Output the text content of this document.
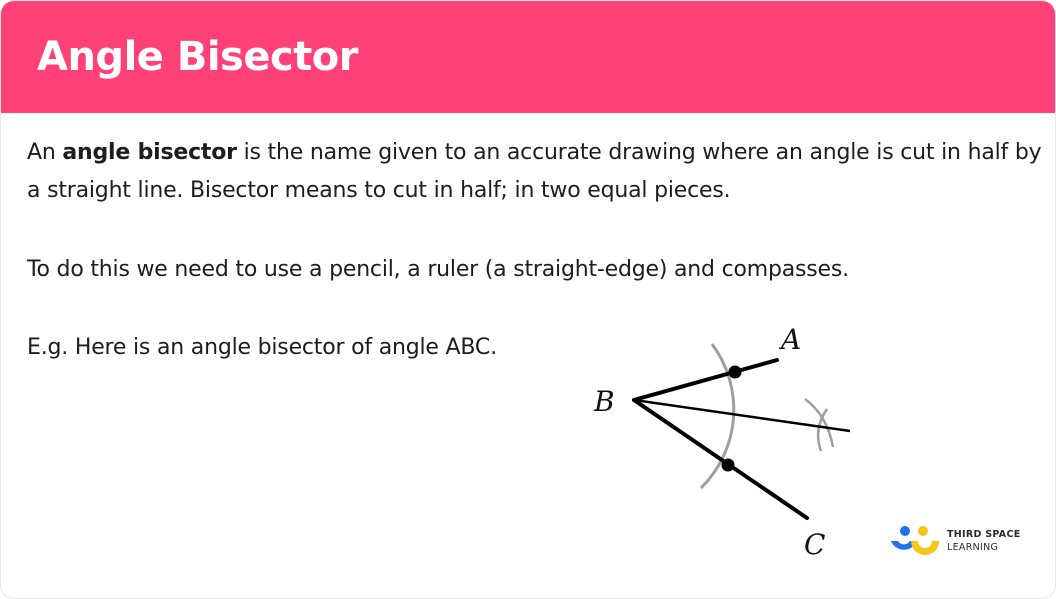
Angle Bisector

An angle bisector is the name given to an accurate drawing where an angle is cut in half by a straight line. Bisector means to cut in half; in two equal pieces.

To do this we need to use a pencil, a ruler (a straight-edge) and compasses.

E.g. Here is an angle bisector of angle ABC.	A
B
C	THIRD SPACE
LEARNING
